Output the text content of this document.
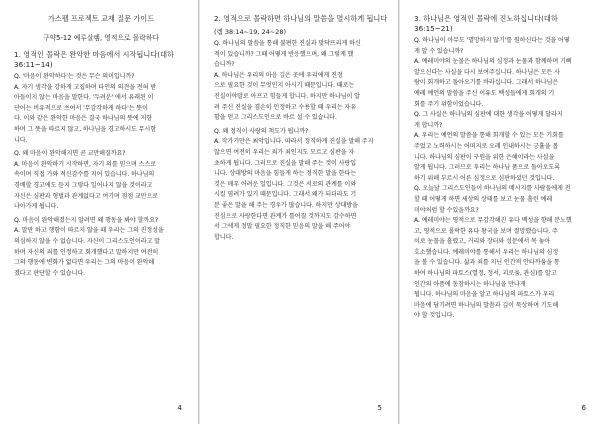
가스펠 프로젝트 교재 질문 가이드
구약5-12 예루살렘, 영적으로 몰락하다
1. 영적인 몰락은 완악한 마음에서 시작됩니다(대하 36:11~14)
Q. '마음이 완악하다'는 것은 무슨 의미입니까?
A. 자기 생각을 강하게 고집하며 타인의 의견을 전혀 받
아들이지 않는 마음을 말한다. '두려운' 에서 유래된 이
단어는 비유적으로 쓰여서 '무감각하게 하다'는 뜻이
다. 이와 같은 완악한 마음은 결국 하나님의 뜻에 저항
하며 그 뜻을 따르지 않고, 하나님을 경고하시도 무시함
니다.
Q. 왜 마음이 완악해지면 곧 교만해질까요?
A. 마음이 완악하기 시작하면, 자기 의를 믿으며 스스로
속이며 직접 가와 적신감수를 지어 있습니다. 하나님의
경배할 경고에도 듣지 그렇다 일어나지 않을 것이라고
자신은 심판과 형벌과 관계없다고 여기며 점점 교만으로
나아가게 됩니다.
Q. 마음이 완악해졌는지 알려면 왜 행동을 봐야 할까요?
A. 말만 하고 행함이 따르지 않을 때 우리는 그의 진정성을
의심하지 않을 수 없습니다. 자신이 그리스도인이라고 말
하며 자신의 죄를 인정하고 회개했다고 말하지만 여전히
그의 행동에 변화가 없다면 우리는 그의 마음이 완악해
졌다고 판단할 수 있습니다.
4
2. 영적으로 몰락하면 하나님의 말씀을 멸시하게 됩니다
(렘 38:14~19, 24~28)
Q. 하나님의 말씀을 통해 불편한 진실과 맞닥뜨리게 하신
적이 있습니까? 그때 어떻게 반응했으며, 왜 그렇게 했
습니까?
A. 하나님은 우리의 마음 깊은 곳에 우리에게 진정
으로 필요한 것이 무엇인지 아시기 때문입니다. 때로는
진실이야말로 아프고 힘들게 합니다. 하지만 하나님이 알
려 주신 진실을 겸손히 인정하고 수용할 때 우리는 자유
함을 얻고 그리스도인으로 바르 설 수 있습니다.
Q. 왜 정직이 사랑의 척도가 됩니까?
A. 작가기만은 최악입니다. 따라서 정직하게 진실을 말해 주지
않으면 여전히 우리는 죄가 죄인지도 모르고 심판을 자
초하게 됩니다. 그러므로 진실을 말해 주는 것이 사랑입
니다. 상대방의 마음을 힘들게 하는 정직한 말을 한다는
것은 매우 어려운 일입니다. 그것은 서로의 관계를 이와
시킬 염려가 있기 때문입니다. 그래서 왜가 되더라도 기
분 좋은 말을 해 주는 경우가 많습니다. 하지만 상대방을
진심으로 사랑한다면 관계가 틀어질 것까지도 감수하면
서 그에게 정말 필요한 정직한 믿음의 말을 해 주어야
합니다.
5
3. 하나님은 영적인 몰락에 진노하십니다(대하 36:15~21)
Q. 하나님이 아무도 '멸망하지 않기'를 원하신다는 것을 어떻
게 알 수 있습니까?
A. 예레미야의 눈물은 하나님의 심정과 눈물과 함께하며 기뻐
알으신다는 사실을 다시 보여주십니다. 하나님은 모든 사
람이 회개하고 돌아오기를 바라십니다. 그래서 하나님은
예레 예언의 말씀을 주신 이유도 백성들에게 회개의 기
회를 주기 위함이었습니다.
Q. 그 사실은 하나님의 심판에 대한 생각을 어떻게 달라지
게 합니까?
A. 우리는 예언의 말씀을 통해 회개할 수 있는 모든 기회를
주었고 노력하시는 어떠지로 오래 인내하시는 긍휼을 봅
니다. 하나님의 심판이 구원을 위한 은혜이라는 사실을
알게 됩니다. 그러므로 우리는 하나님 품으로 돌아오도록
하기 위해 부르시 어른 심정으로 심판하셨던 것입니다.
Q. 오늘날 그리스도인들이 하나님의 메시지를 사람들에게 전
할 때 어떻게 하면 세상의 상태를 보고 눈물 흘린 예레
미야처럼 할 수있을까요?
A. 예레미야는 영적으로 무감각해진 유다 백성을 향해 분노했
고, 영적으로 몰락한 유다 왕국을 보며 절망했습니다. 주
이로 눈물을 흘렸고, 거리와 장터와 성문에서 목 놓아
호소했습니다. 예레미야를 통해서 우리는 하나님의 심정
을 볼 수 있습니다. 삶과 죄를 지닌 인간적 안타까움을 통
하여 하나님의 파토스(열정, 정서, 괴로움, 관심)를 알고
인간의 아픔에 동참하시는 하나님을 만나게
됩니다. 하나님의 마음을 알고 하나님의 파토스가 우리
마음에 담기려면 하나님의 말씀과 깊이 묵상하며 기도해
야 할 것입니다.
6
